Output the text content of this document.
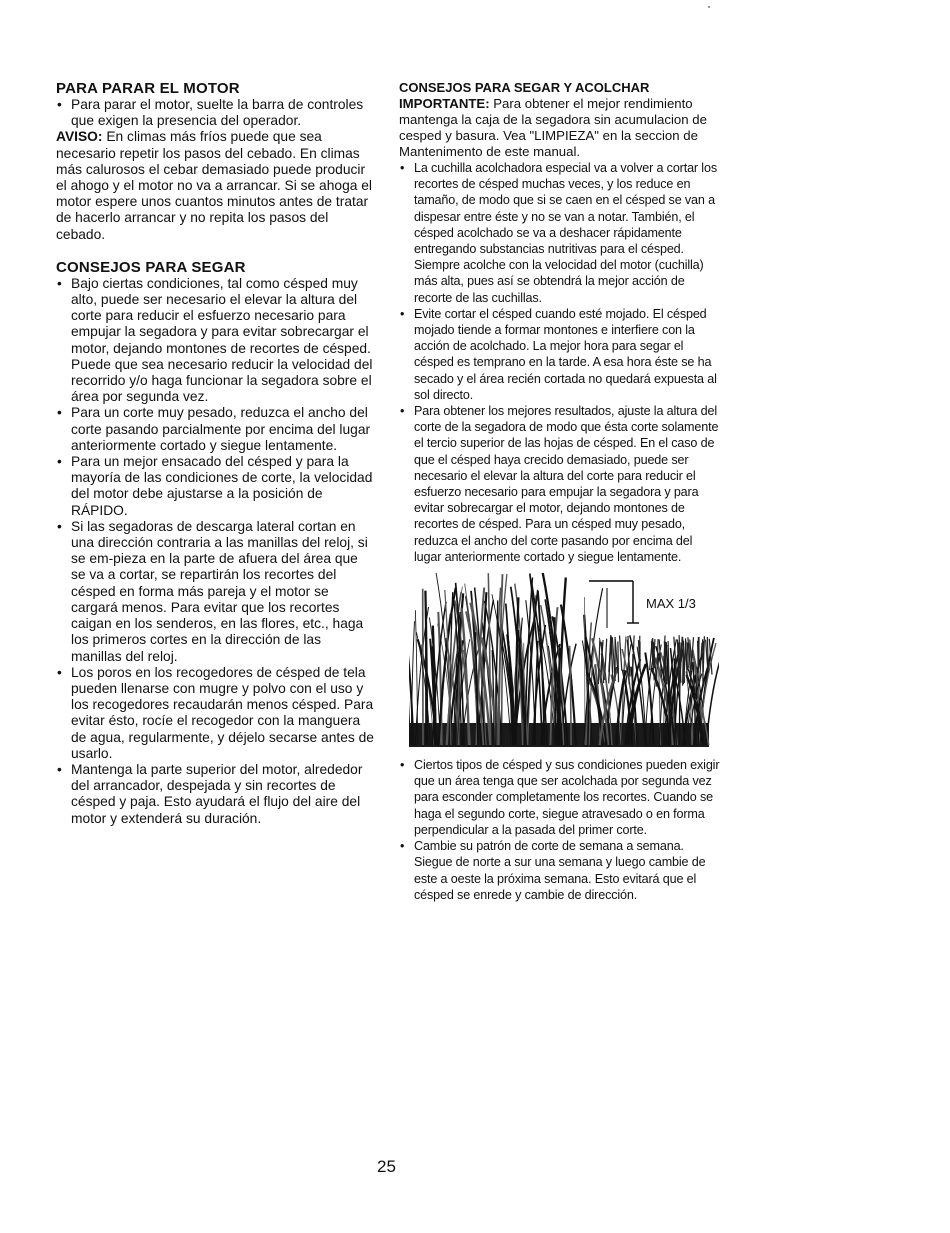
PARA PARAR EL MOTOR
• Para parar el motor, suelte la barra de controles que exigen la presencia del operador.

AVISO: En climas más fríos puede que sea necesario repetir los pasos del cebado. En climas más calurosos el cebar demasiado puede producir el ahogo y el motor no va a arrancar. Si se ahoga el motor espere unos cuantos minutos antes de tratar de hacerlo arrancar y no repita los pasos del cebado.

CONSEJOS PARA SEGAR
• Bajo ciertas condiciones, tal como césped muy alto, puede ser necesario el elevar la altura del corte para reducir el esfuerzo necesario para empujar la segadora y para evitar sobrecargar el motor, dejando montones de recortes de césped. Puede que sea necesario reducir la velocidad del recorrido y/o haga funcionar la segadora sobre el área por segunda vez.
• Para un corte muy pesado, reduzca el ancho del corte pasando parcialmente por encima del lugar anteriormente cortado y siegue lentamente.
• Para un mejor ensacado del césped y para la mayoría de las condiciones de corte, la velocidad del motor debe ajustarse a la posición de RÁPIDO.
• Si las segadoras de descarga lateral cortan en una dirección contraria a las manillas del reloj, si se em-pieza en la parte de afuera del área que se va a cortar, se repartirán los recortes del césped en forma más pareja y el motor se cargará menos. Para evitar que los recortes caigan en los senderos, en las flores, etc., haga los primeros cortes en la dirección de las manillas del reloj.
• Los poros en los recogedores de césped de tela pueden llenarse con mugre y polvo con el uso y los recogedores recaudarán menos césped. Para evitar ésto, rocíe el recogedor con la manguera de agua, regularmente, y déjelo secarse antes de usarlo.
• Mantenga la parte superior del motor, alrededor del arrancador, despejada y sin recortes de césped y paja. Esto ayudará el flujo del aire del motor y extenderá su duración.
CONSEJOS PARA SEGAR Y ACOLCHAR

IMPORTANTE: Para obtener el mejor rendimiento mantenga la caja de la segadora sin acumulacion de cesped y basura. Vea "LIMPIEZA" en la seccion de Mantenimento de este manual.

• La cuchilla acolchadora especial va a volver a cortar los recortes de césped muchas veces, y los reduce en tamaño, de modo que si se caen en el césped se van a dispesar entre éste y no se van a notar. También, el césped acolchado se va a deshacer rápidamente entregando substancias nutritivas para el césped. Siempre acolche con la velocidad del motor (cuchilla) más alta, pues así se obtendrá la mejor acción de recorte de las cuchillas.
• Evite cortar el césped cuando esté mojado. El césped mojado tiende a formar montones e interfiere con la acción de acolchado. La mejor hora para segar el césped es temprano en la tarde. A esa hora éste se ha secado y el área recién cortada no quedará expuesta al sol directo.
• Para obtener los mejores resultados, ajuste la altura del corte de la segadora de modo que ésta corte solamente el tercio superior de las hojas de césped. En el caso de que el césped haya crecido demasiado, puede ser necesario el elevar la altura del corte para reducir el esfuerzo necesario para empujar la segadora y para evitar sobrecargar el motor, dejando montones de recortes de césped. Para un césped muy pesado, reduzca el ancho del corte pasando por encima del lugar anteriormente cortado y siegue lentamente.
MAX 1/3
• Ciertos tipos de césped y sus condiciones pueden exigir que un área tenga que ser acolchada por segunda vez para esconder completamente los recortes. Cuando se haga el segundo corte, siegue atravesado o en forma perpendicular a la pasada del primer corte.
• Cambie su patrón de corte de semana a semana. Siegue de norte a sur una semana y luego cambie de este a oeste la próxima semana. Esto evitará que el césped se enrede y cambie de dirección.
25
